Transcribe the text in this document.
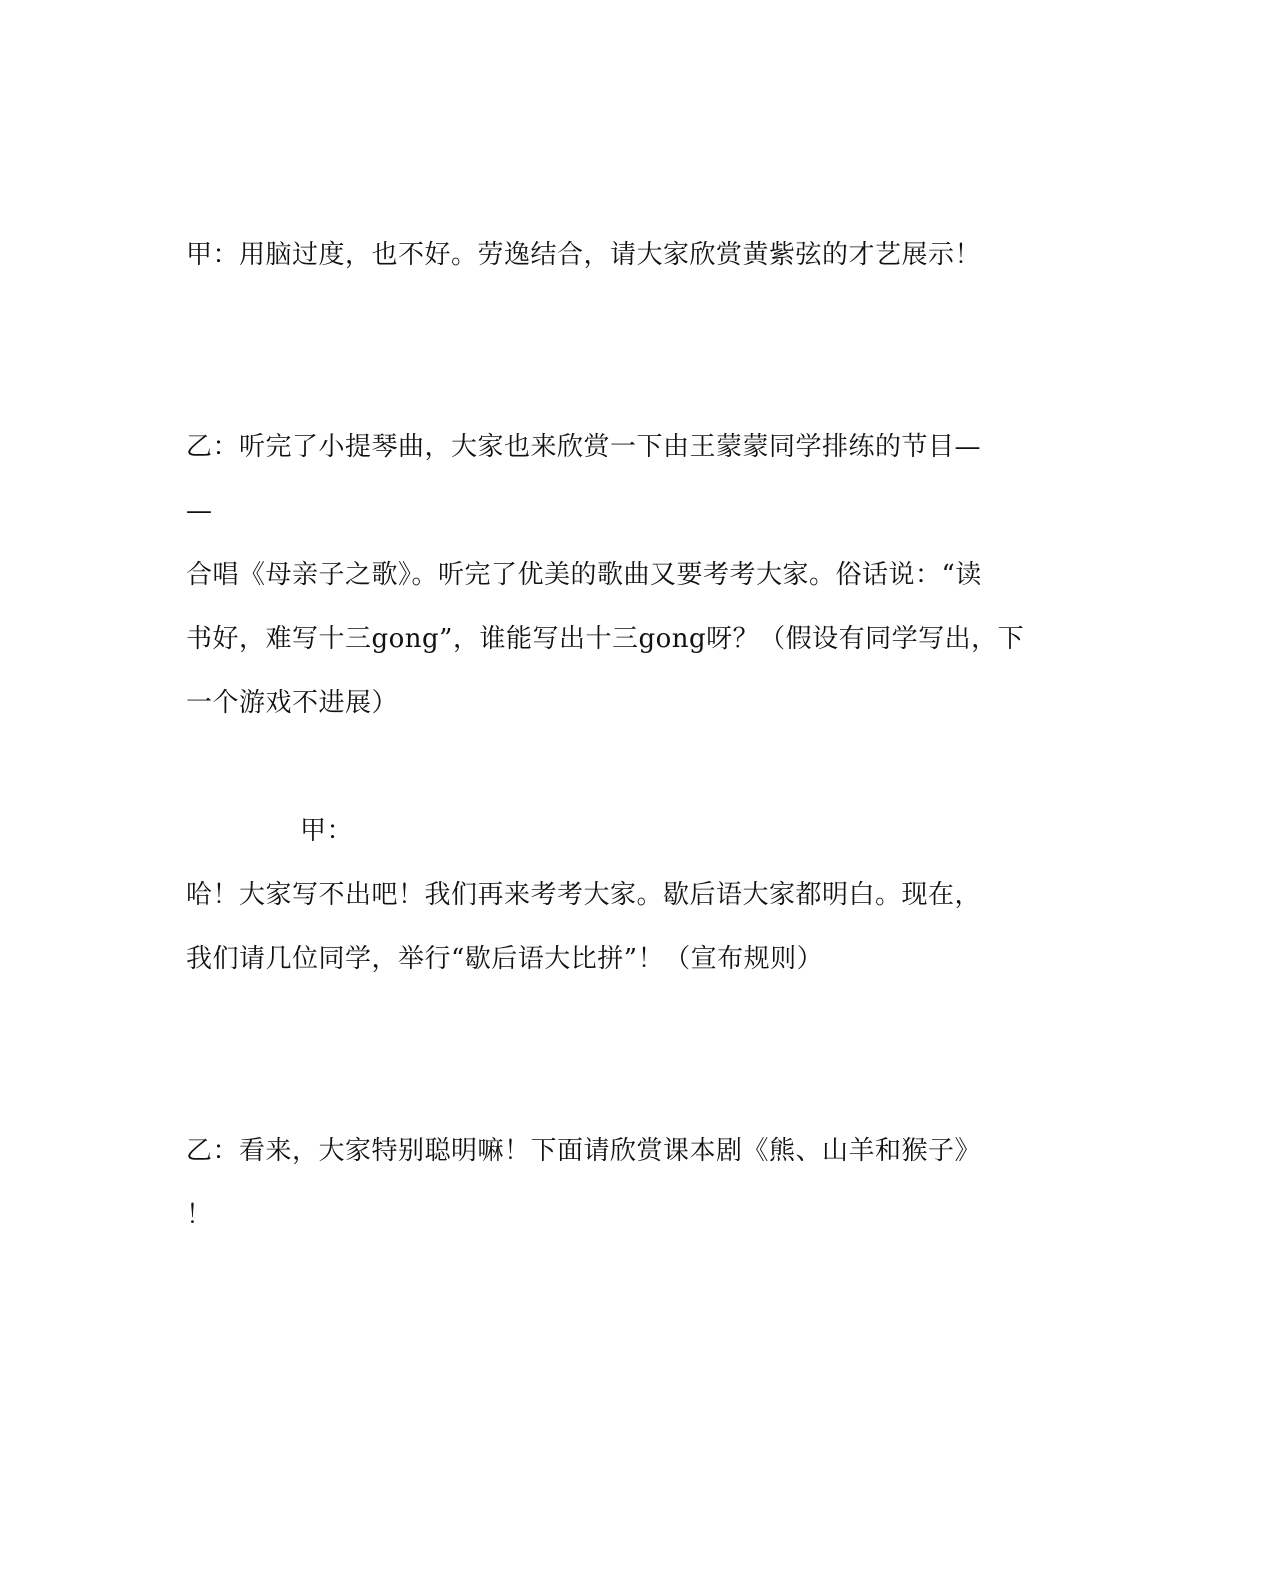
甲：用脑过度，也不好。劳逸结合，请大家欣赏黄紫弦的才艺展示！
乙：听完了小提琴曲，大家也来欣赏一下由王蒙蒙同学排练的节目—
—
合唱《母亲子之歌》。听完了优美的歌曲又要考考大家。俗话说：“读
书好，难写十三gong”，谁能写出十三gong呀？（假设有同学写出，下
一个游戏不进展）
甲：
哈！大家写不出吧！我们再来考考大家。歇后语大家都明白。现在，
我们请几位同学，举行“歇后语大比拼”！（宣布规则）
乙：看来，大家特别聪明嘛！下面请欣赏课本剧《熊、山羊和猴子》
！
